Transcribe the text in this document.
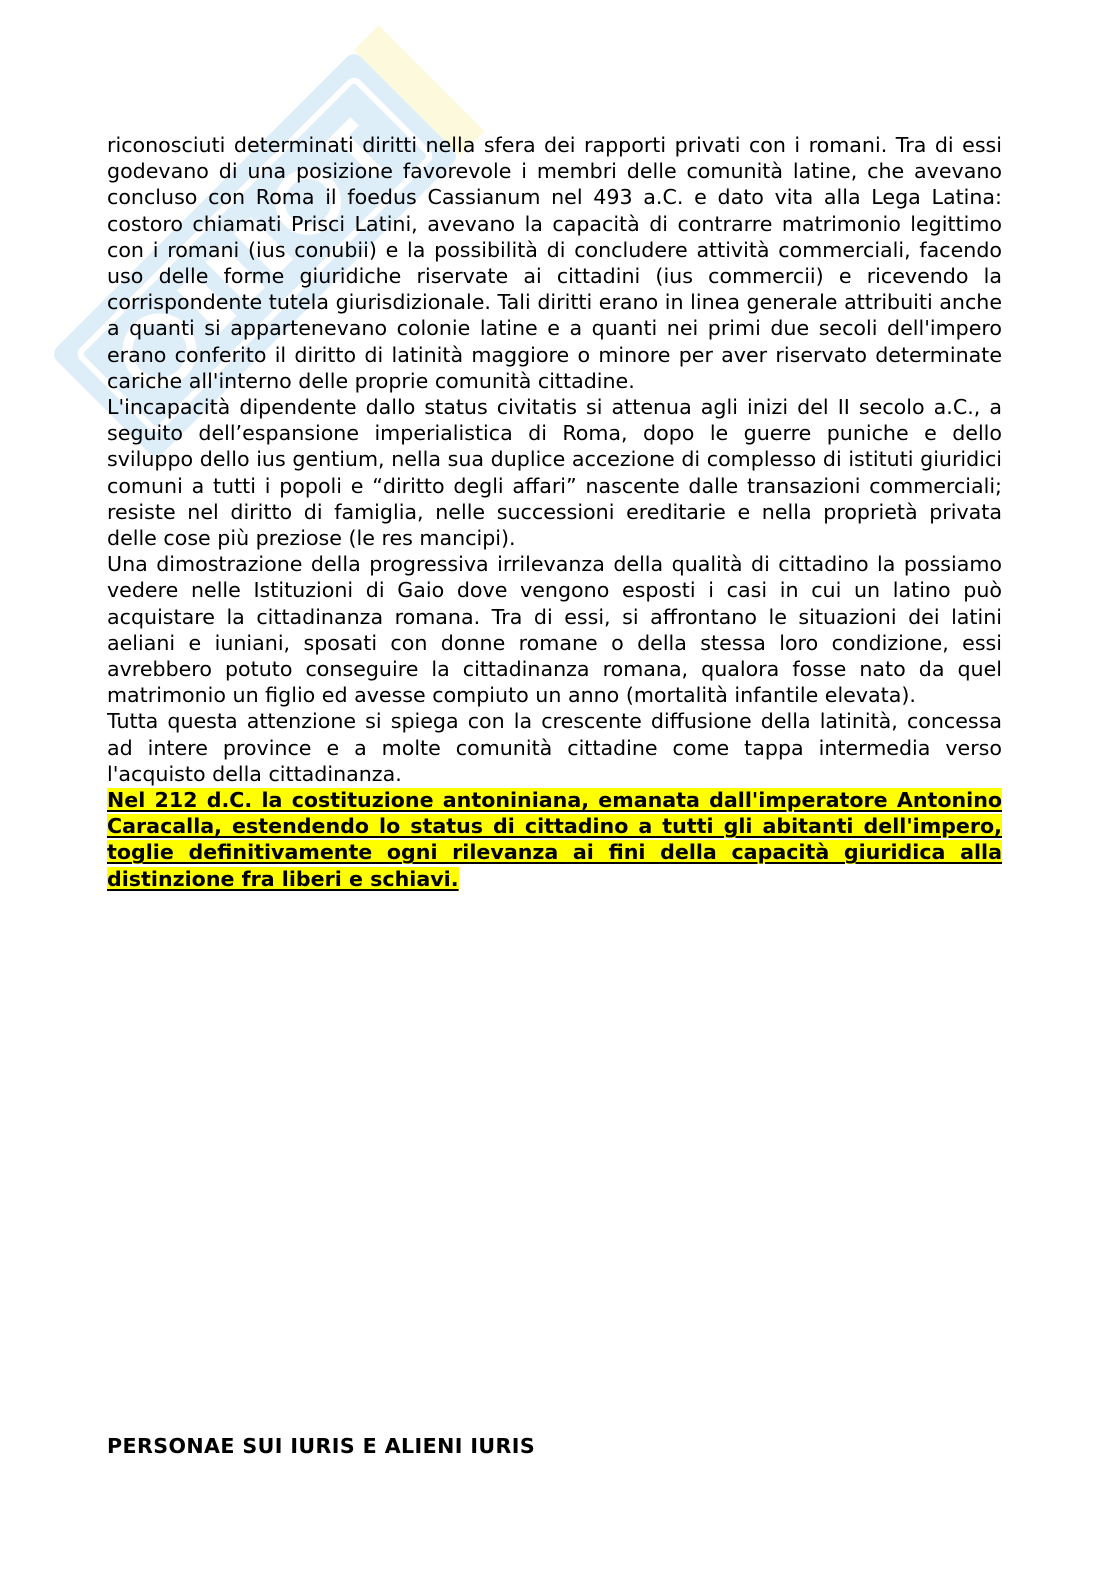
riconosciuti determinati diritti nella sfera dei rapporti privati con i romani. Tra di essi godevano di una posizione favorevole i membri delle comunità latine, che avevano concluso con Roma il foedus Cassianum nel 493 a.C. e dato vita alla Lega Latina: costoro chiamati Prisci Latini, avevano la capacità di contrarre matrimonio legittimo con i romani (ius conubii) e la possibilità di concludere attività commerciali, facendo uso delle forme giuridiche riservate ai cittadini (ius commercii) e ricevendo la corrispondente tutela giurisdizionale. Tali diritti erano in linea generale attribuiti anche a quanti si appartenevano colonie latine e a quanti nei primi due secoli dell'impero erano conferito il diritto di latinità maggiore o minore per aver riservato determinate cariche all'interno delle proprie comunità cittadine.

L'incapacità dipendente dallo status civitatis si attenua agli inizi del II secolo a.C., a seguito dell’espansione imperialistica di Roma, dopo le guerre puniche e dello sviluppo dello ius gentium, nella sua duplice accezione di complesso di istituti giuridici comuni a tutti i popoli e “diritto degli affari” nascente dalle transazioni commerciali; resiste nel diritto di famiglia, nelle successioni ereditarie e nella proprietà privata delle cose più preziose (le res mancipi).

Una dimostrazione della progressiva irrilevanza della qualità di cittadino la possiamo vedere nelle Istituzioni di Gaio dove vengono esposti i casi in cui un latino può acquistare la cittadinanza romana. Tra di essi, si affrontano le situazioni dei latini aeliani e iuniani, sposati con donne romane o della stessa loro condizione, essi avrebbero potuto conseguire la cittadinanza romana, qualora fosse nato da quel matrimonio un figlio ed avesse compiuto un anno (mortalità infantile elevata).

Tutta questa attenzione si spiega con la crescente diffusione della latinità, concessa ad intere province e a molte comunità cittadine come tappa intermedia verso l'acquisto della cittadinanza.

Nel 212 d.C. la costituzione antoniniana, emanata dall'imperatore Antonino Caracalla, estendendo lo status di cittadino a tutti gli abitanti dell'impero, toglie definitivamente ogni rilevanza ai fini della capacità giuridica alla distinzione fra liberi e schiavi.

PERSONAE SUI IURIS E ALIENI IURIS
